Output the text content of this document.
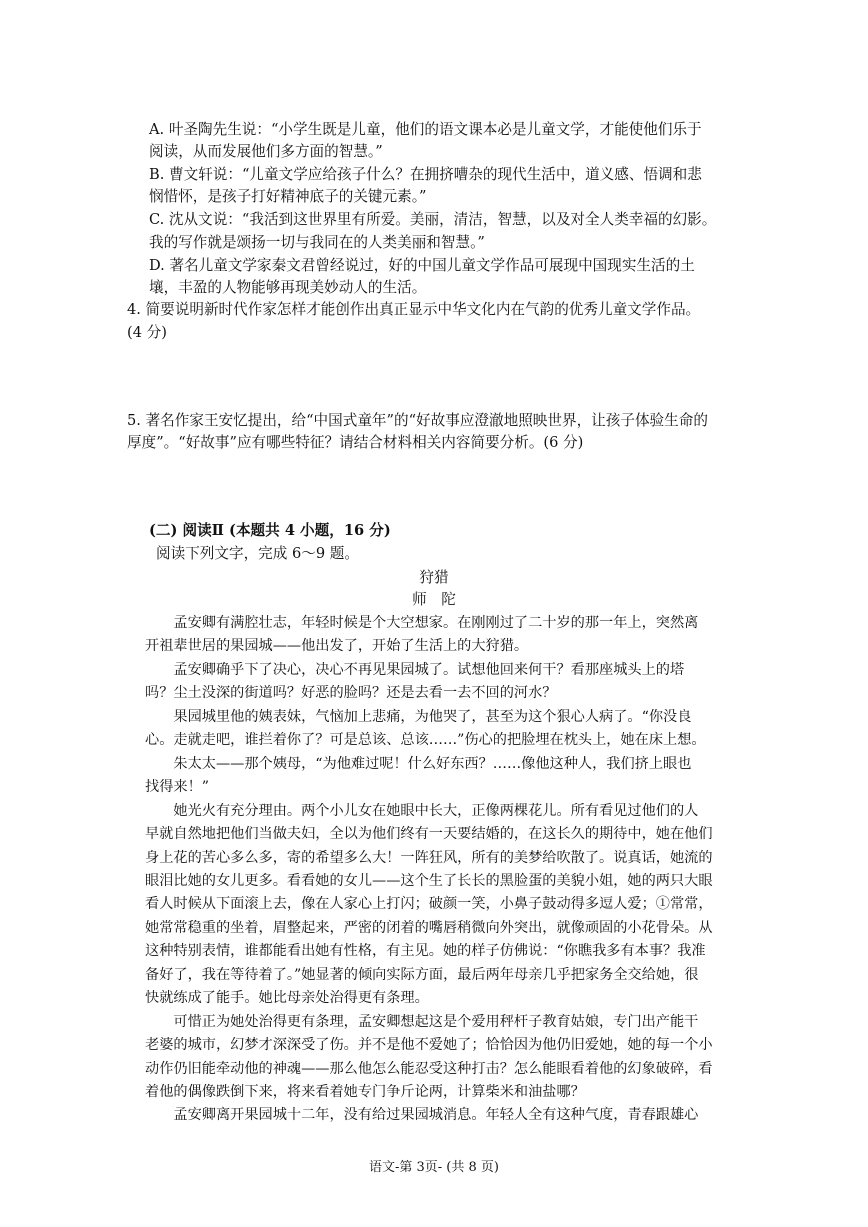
A. 叶圣陶先生说：“小学生既是儿童，他们的语文课本必是儿童文学，才能使他们乐于
阅读，从而发展他们多方面的智慧。”
B. 曹文轩说：“儿童文学应给孩子什么？在拥挤嘈杂的现代生活中，道义感、悟调和悲
悯惜怀，是孩子打好精神底子的关键元素。”
C. 沈从文说：“我活到这世界里有所爱。美丽，清洁，智慧，以及对全人类幸福的幻影。
我的写作就是颂扬一切与我同在的人类美丽和智慧。”
D. 著名儿童文学家秦文君曾经说过，好的中国儿童文学作品可展现中国现实生活的土
壤，丰盈的人物能够再现美妙动人的生活。
4. 简要说明新时代作家怎样才能创作出真正显示中华文化内在气韵的优秀儿童文学作品。
(4 分)
5. 著名作家王安忆提出，给“中国式童年”的“好故事应澄澈地照映世界，让孩子体验生命的
厚度”。“好故事”应有哪些特征？请结合材料相关内容简要分析。(6 分)
(二) 阅读Ⅱ (本题共 4 小题，16 分)
阅读下列文字，完成 6～9 题。
狩猎
师　陀
　　孟安卿有满腔壮志，年轻时候是个大空想家。在刚刚过了二十岁的那一年上，突然离
开祖辈世居的果园城——他出发了，开始了生活上的大狩猎。
　　孟安卿确乎下了决心，决心不再见果园城了。试想他回来何干？看那座城头上的塔
吗？尘土没深的街道吗？好恶的脸吗？还是去看一去不回的河水？
　　果园城里他的姨表妹，气恼加上悲痛，为他哭了，甚至为这个狠心人病了。“你没良
心。走就走吧，谁拦着你了？可是总该、总该……”伤心的把脸埋在枕头上，她在床上想。
　　朱太太——那个姨母，“为他难过呢！什么好东西？……像他这种人，我们挤上眼也
找得来！”
　　她光火有充分理由。两个小儿女在她眼中长大，正像两棵花儿。所有看见过他们的人
早就自然地把他们当做夫妇，全以为他们终有一天要结婚的，在这长久的期待中，她在他们
身上花的苦心多么多，寄的希望多么大！一阵狂风，所有的美梦给吹散了。说真话，她流的
眼泪比她的女儿更多。看看她的女儿——这个生了长长的黑脸蛋的美貌小姐，她的两只大眼
看人时候从下面滚上去，像在人家心上打闪；破颜一笑，小鼻子鼓动得多逗人爱；①常常，
她常常稳重的坐着，眉整起来，严密的闭着的嘴唇稍微向外突出，就像顽固的小花骨朵。从
这种特别表情，谁都能看出她有性格，有主见。她的样子仿佛说：“你瞧我多有本事？我准
备好了，我在等待着了。”她显著的倾向实际方面，最后两年母亲几乎把家务全交给她，很
快就练成了能手。她比母亲处治得更有条理。
　　可惜正为她处治得更有条理，孟安卿想起这是个爱用秤杆子教育姑娘，专门出产能干
老婆的城市，幻梦才深深受了伤。并不是他不爱她了；恰恰因为他仍旧爱她，她的每一个小
动作仍旧能牵动他的神魂——那么他怎么能忍受这种打击？怎么能眼看着他的幻象破碎，看
着他的偶像跌倒下来，将来看着她专门争斤论两，计算柴米和油盐哪？
　　孟安卿离开果园城十二年，没有给过果园城消息。年轻人全有这种气度，青春跟雄心
语文-第 3页- (共 8 页)
